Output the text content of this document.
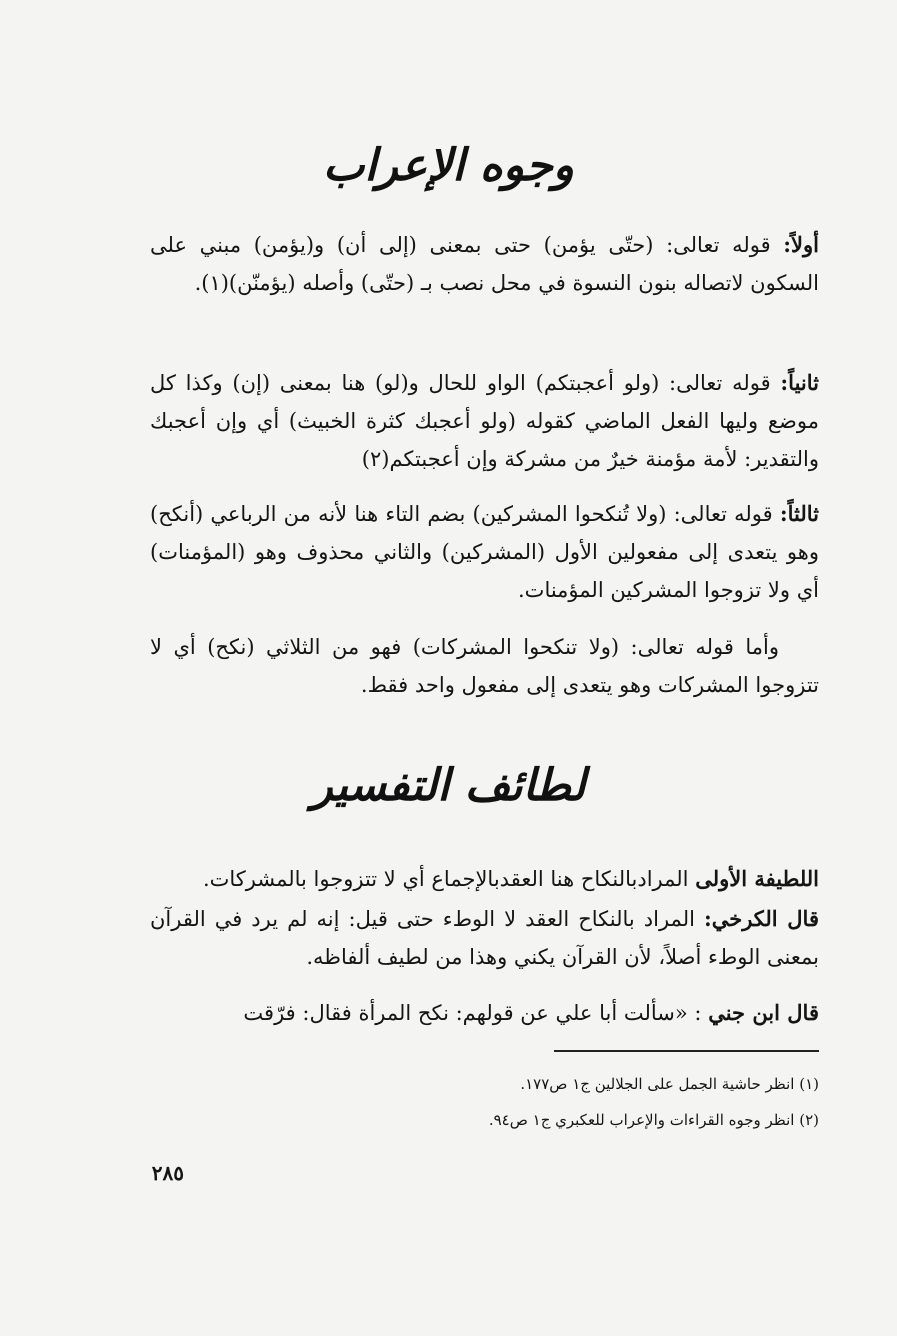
وجوه الإعراب
أولاً: قوله تعالى: (حتّى يؤمن) حتى بمعنى (إلى أن) و(يؤمن) مبني على السكون لاتصاله بنون النسوة في محل نصب بـ (حتّى) وأصله (يؤمنّن)(١).
ثانياً: قوله تعالى: (ولو أعجبتكم) الواو للحال و(لو) هنا بمعنى (إن) وكذا كل موضع وليها الفعل الماضي كقوله (ولو أعجبك كثرة الخبيث) أي وإن أعجبك والتقدير: لأمة مؤمنة خيرٌ من مشركة وإن أعجبتكم(٢)
ثالثاً: قوله تعالى: (ولا تُنكحوا المشركين) بضم التاء هنا لأنه من الرباعي (أنكح) وهو يتعدى إلى مفعولين الأول (المشركين) والثاني محذوف وهو (المؤمنات) أي ولا تزوجوا المشركين المؤمنات.
وأما قوله تعالى: (ولا تنكحوا المشركات) فهو من الثلاثي (نكح) أي لا تتزوجوا المشركات وهو يتعدى إلى مفعول واحد فقط.
لطائف التفسير
اللطيفة الأولى المرادبالنكاح هنا العقدبالإجماع أي لا تتزوجوا بالمشركات.
قال الكرخي: المراد بالنكاح العقد لا الوطء حتى قيل: إنه لم يرد في القرآن بمعنى الوطء أصلاً، لأن القرآن يكني وهذا من لطيف ألفاظه.
قال ابن جني : «سألت أبا علي عن قولهم: نكح المرأة فقال: فرّقت
(١) انظر حاشية الجمل على الجلالين ج١ ص١٧٧.
(٢) انظر وجوه القراءات والإعراب للعكبري ج١ ص٩٤.
٢٨٥
